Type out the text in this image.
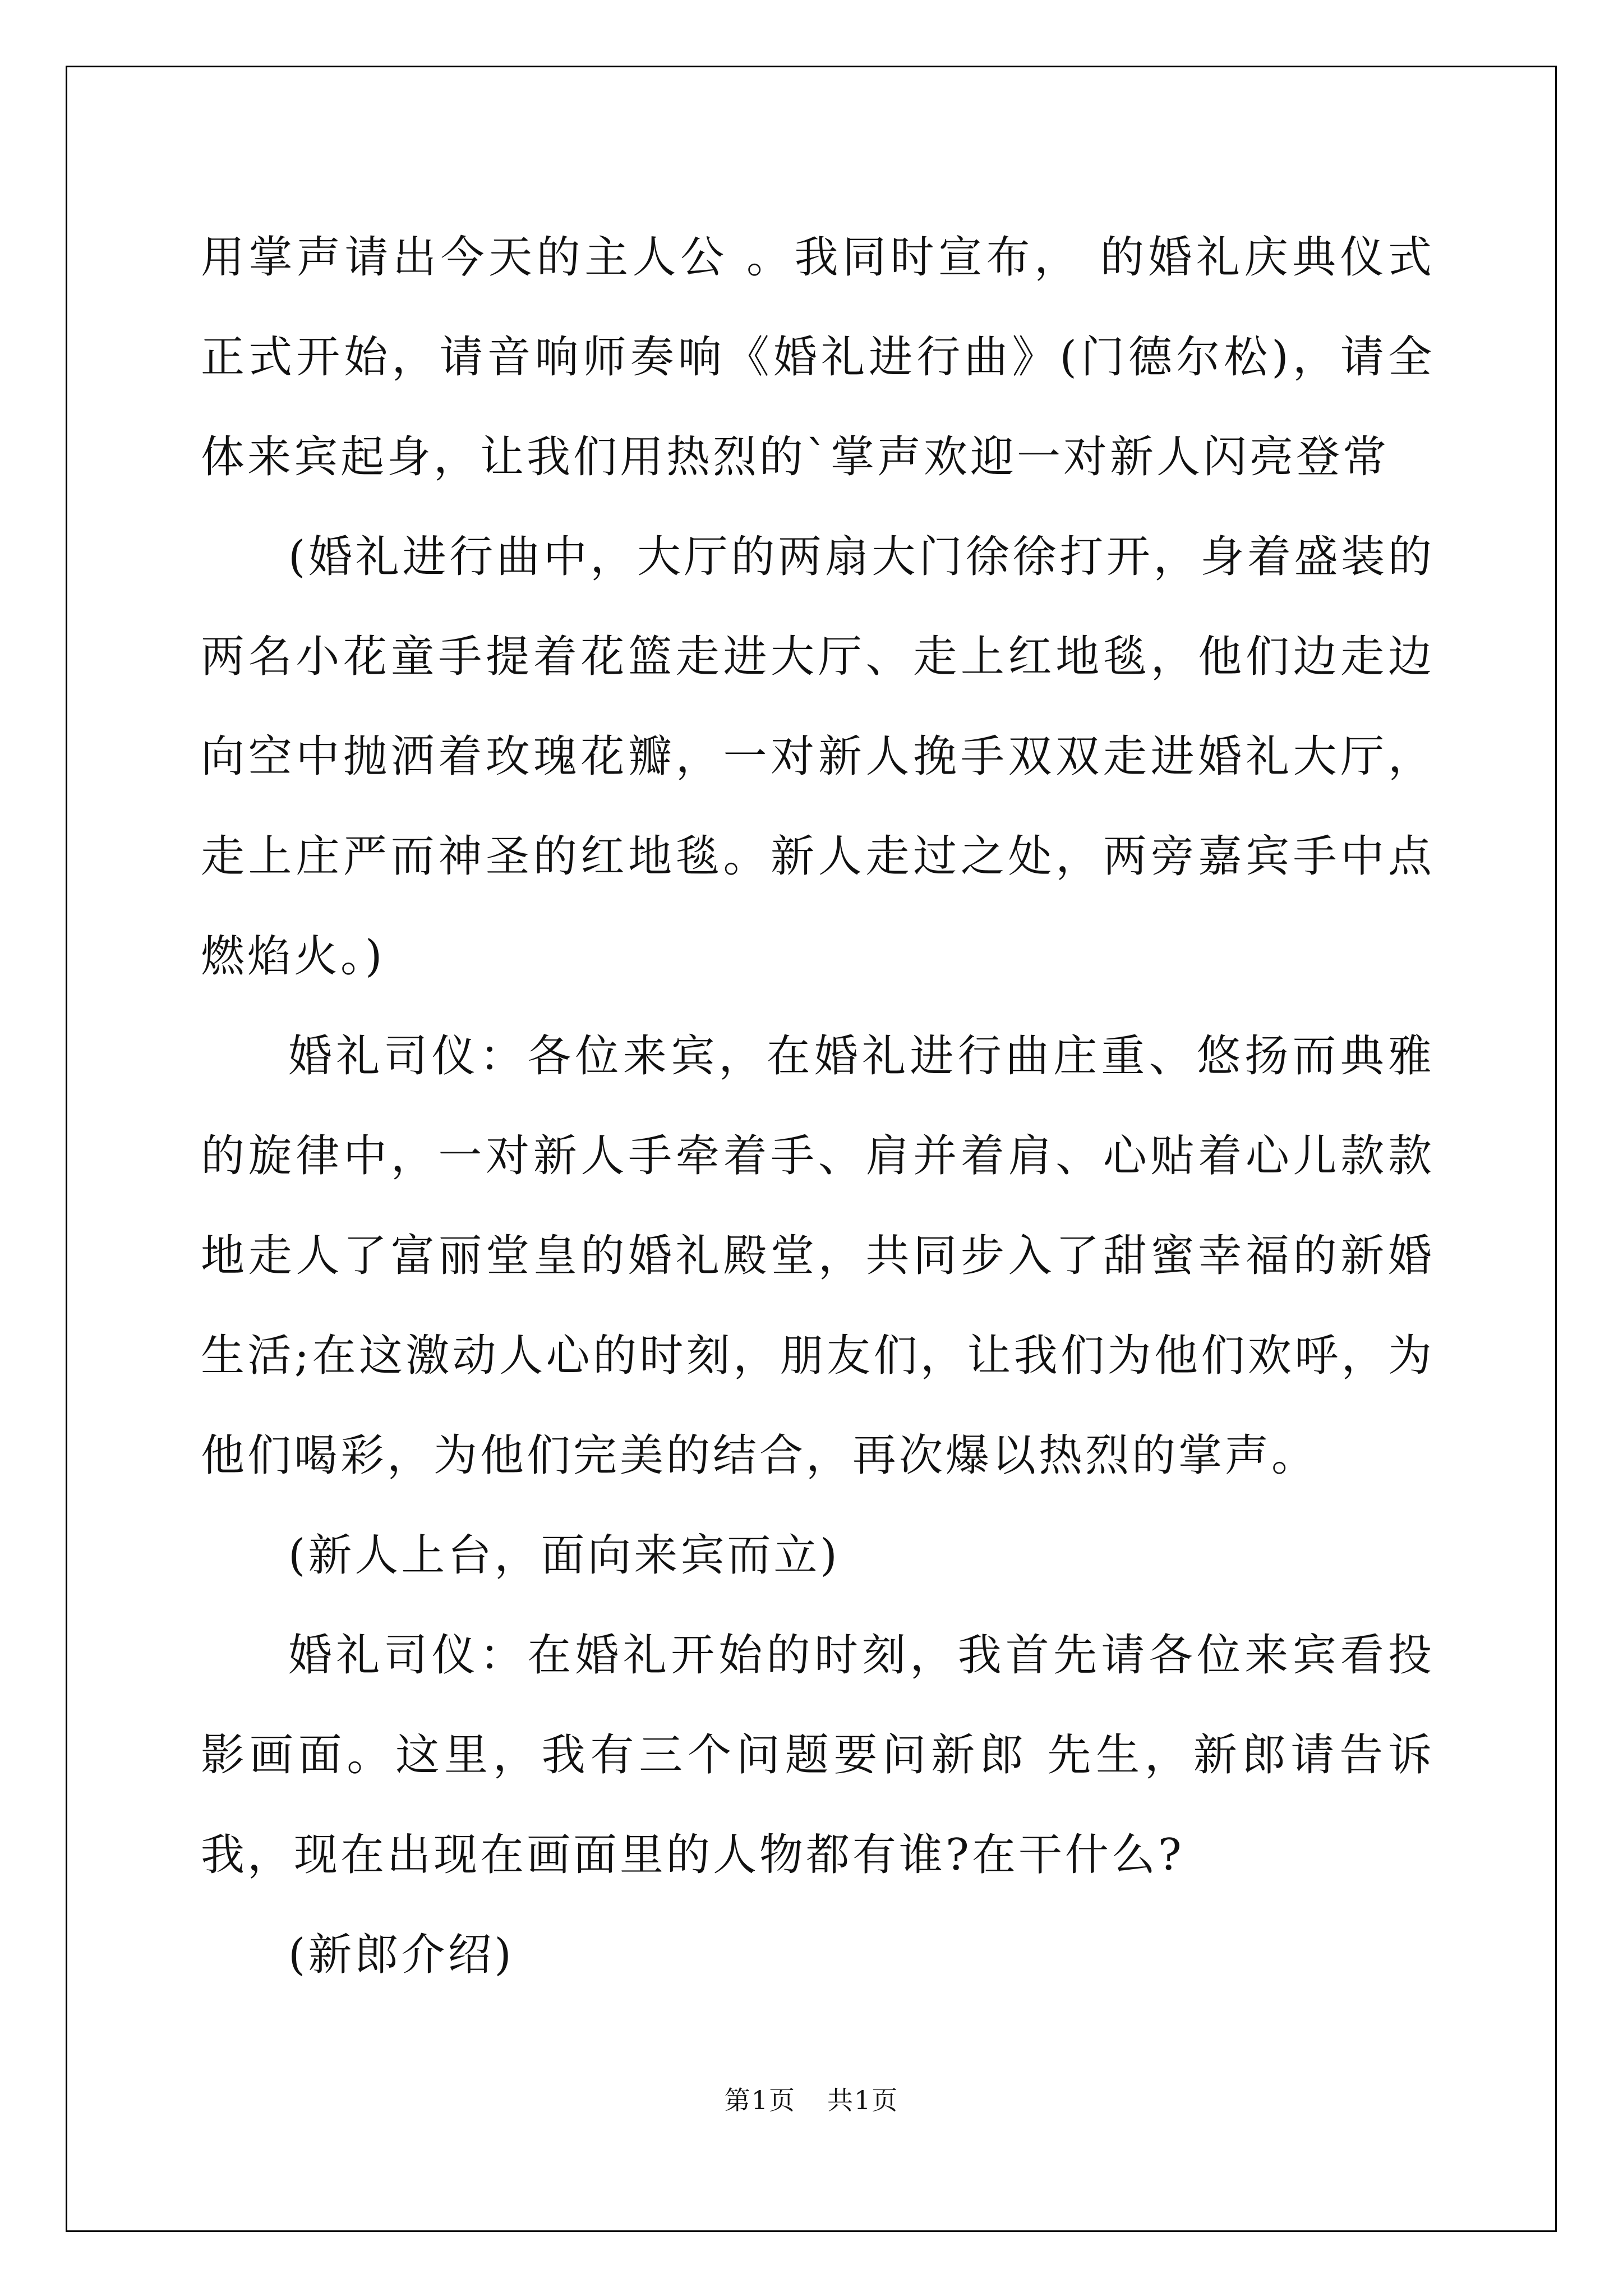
用掌声请出今天的主人公 。我同时宣布， 的婚礼庆典仪式正式开始，请音响师奏响《婚礼进行曲》(门德尔松)，请全体来宾起身，让我们用热烈的`掌声欢迎一对新人闪亮登常

(婚礼进行曲中，大厅的两扇大门徐徐打开，身着盛装的两名小花童手提着花篮走进大厅、走上红地毯，他们边走边向空中抛洒着玫瑰花瓣，一对新人挽手双双走进婚礼大厅，走上庄严而神圣的红地毯。新人走过之处，两旁嘉宾手中点燃焰火。)

婚礼司仪：各位来宾，在婚礼进行曲庄重、悠扬而典雅的旋律中，一对新人手牵着手、肩并着肩、心贴着心儿款款地走人了富丽堂皇的婚礼殿堂，共同步入了甜蜜幸福的新婚生活;在这激动人心的时刻，朋友们，让我们为他们欢呼，为他们喝彩，为他们完美的结合，再次爆以热烈的掌声。

(新人上台，面向来宾而立)

婚礼司仪：在婚礼开始的时刻，我首先请各位来宾看投影画面。这里，我有三个问题要问新郎 先生，新郎请告诉我，现在出现在画面里的人物都有谁?在干什么?

(新郎介绍)

第1页 共1页
